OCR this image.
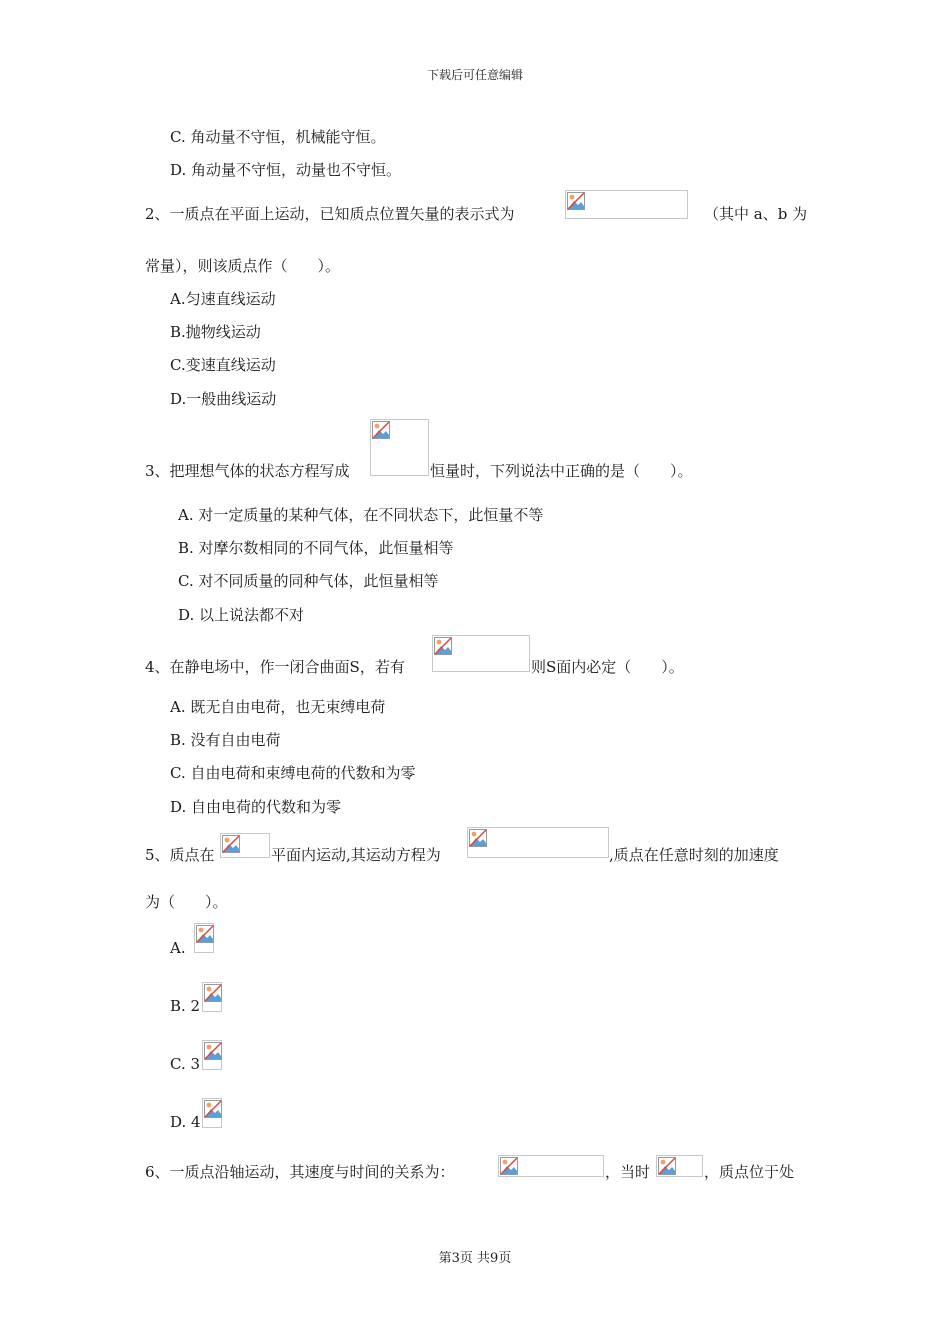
下载后可任意编辑
C. 角动量不守恒，机械能守恒。
D. 角动量不守恒，动量也不守恒。
2、一质点在平面上运动，已知质点位置矢量的表示式为	（其中 a、b 为
常量），则该质点作（　　）。
A.匀速直线运动
B.抛物线运动
C.变速直线运动
D.一般曲线运动
3、把理想气体的状态方程写成	恒量时，下列说法中正确的是（　　）。
A. 对一定质量的某种气体，在不同状态下，此恒量不等
B. 对摩尔数相同的不同气体，此恒量相等
C. 对不同质量的同种气体，此恒量相等
D. 以上说法都不对
4、在静电场中，作一闭合曲面S，若有	则S面内必定（　　）。
A. 既无自由电荷，也无束缚电荷
B. 没有自由电荷
C. 自由电荷和束缚电荷的代数和为零
D. 自由电荷的代数和为零
5、质点在	平面内运动,其运动方程为	,质点在任意时刻的加速度
为（　　）。
A.
B. 2
C. 3
D. 4
6、一质点沿轴运动，其速度与时间的关系为：	，当时	，质点位于处
第3页 共9页
